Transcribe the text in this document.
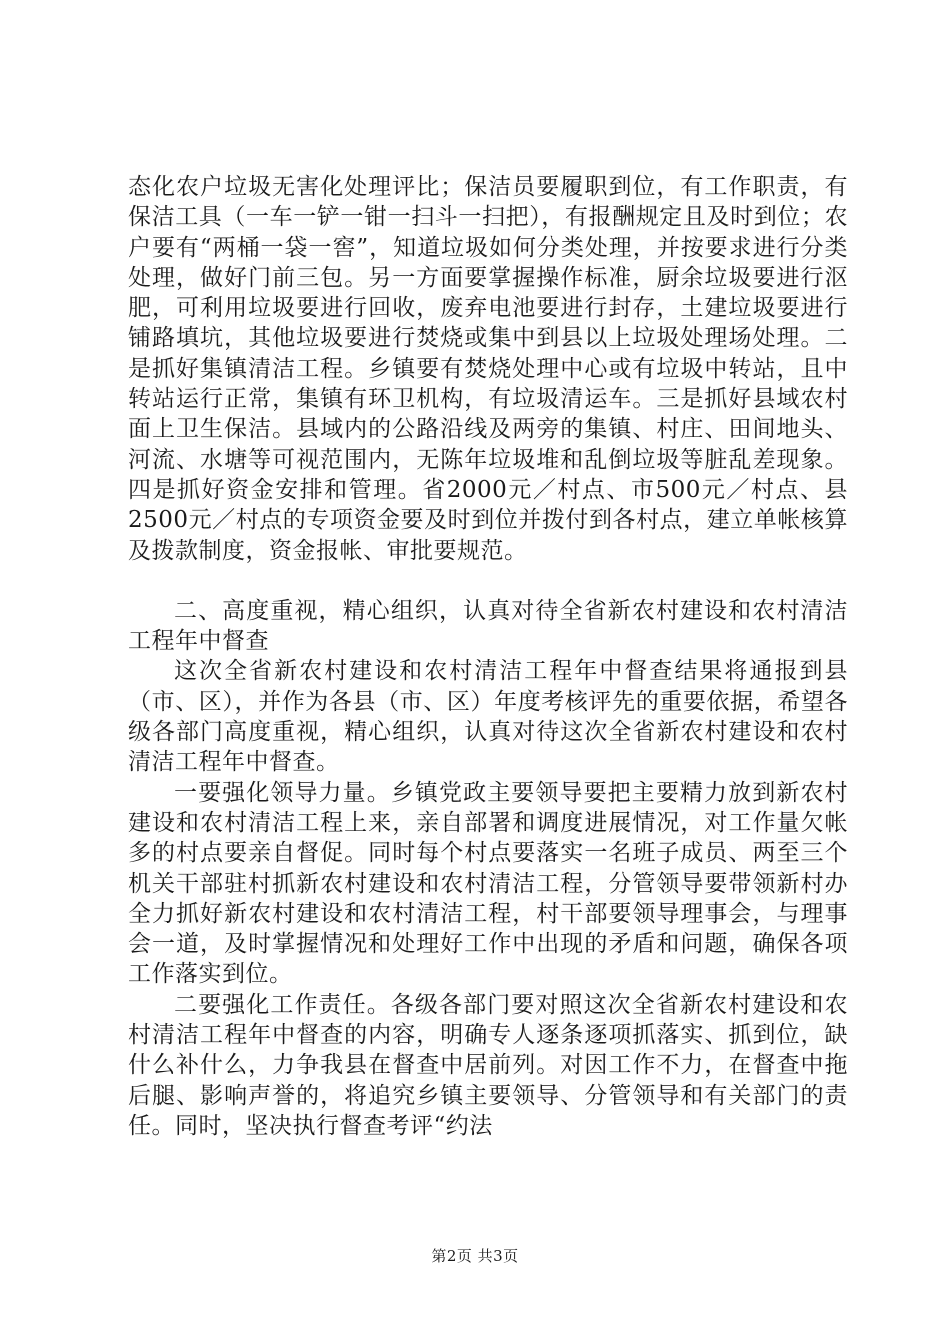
态化农户垃圾无害化处理评比；保洁员要履职到位，有工作职责，有保洁工具（一车一铲一钳一扫斗一扫把），有报酬规定且及时到位；农户要有“两桶一袋一窖”，知道垃圾如何分类处理，并按要求进行分类处理，做好门前三包。另一方面要掌握操作标准，厨余垃圾要进行沤肥，可利用垃圾要进行回收，废弃电池要进行封存，土建垃圾要进行铺路填坑，其他垃圾要进行焚烧或集中到县以上垃圾处理场处理。二是抓好集镇清洁工程。乡镇要有焚烧处理中心或有垃圾中转站，且中转站运行正常，集镇有环卫机构，有垃圾清运车。三是抓好县域农村面上卫生保洁。县域内的公路沿线及两旁的集镇、村庄、田间地头、河流、水塘等可视范围内，无陈年垃圾堆和乱倒垃圾等脏乱差现象。四是抓好资金安排和管理。省2000元／村点、市500元／村点、县2500元／村点的专项资金要及时到位并拨付到各村点，建立单帐核算及拨款制度，资金报帐、审批要规范。

二、高度重视，精心组织，认真对待全省新农村建设和农村清洁工程年中督查

这次全省新农村建设和农村清洁工程年中督查结果将通报到县（市、区），并作为各县（市、区）年度考核评先的重要依据，希望各级各部门高度重视，精心组织，认真对待这次全省新农村建设和农村清洁工程年中督查。

一要强化领导力量。乡镇党政主要领导要把主要精力放到新农村建设和农村清洁工程上来，亲自部署和调度进展情况，对工作量欠帐多的村点要亲自督促。同时每个村点要落实一名班子成员、两至三个机关干部驻村抓新农村建设和农村清洁工程，分管领导要带领新村办全力抓好新农村建设和农村清洁工程，村干部要领导理事会，与理事会一道，及时掌握情况和处理好工作中出现的矛盾和问题，确保各项工作落实到位。

二要强化工作责任。各级各部门要对照这次全省新农村建设和农村清洁工程年中督查的内容，明确专人逐条逐项抓落实、抓到位，缺什么补什么，力争我县在督查中居前列。对因工作不力，在督查中拖后腿、影响声誉的，将追究乡镇主要领导、分管领导和有关部门的责任。同时，坚决执行督查考评“约法

第2页 共3页
